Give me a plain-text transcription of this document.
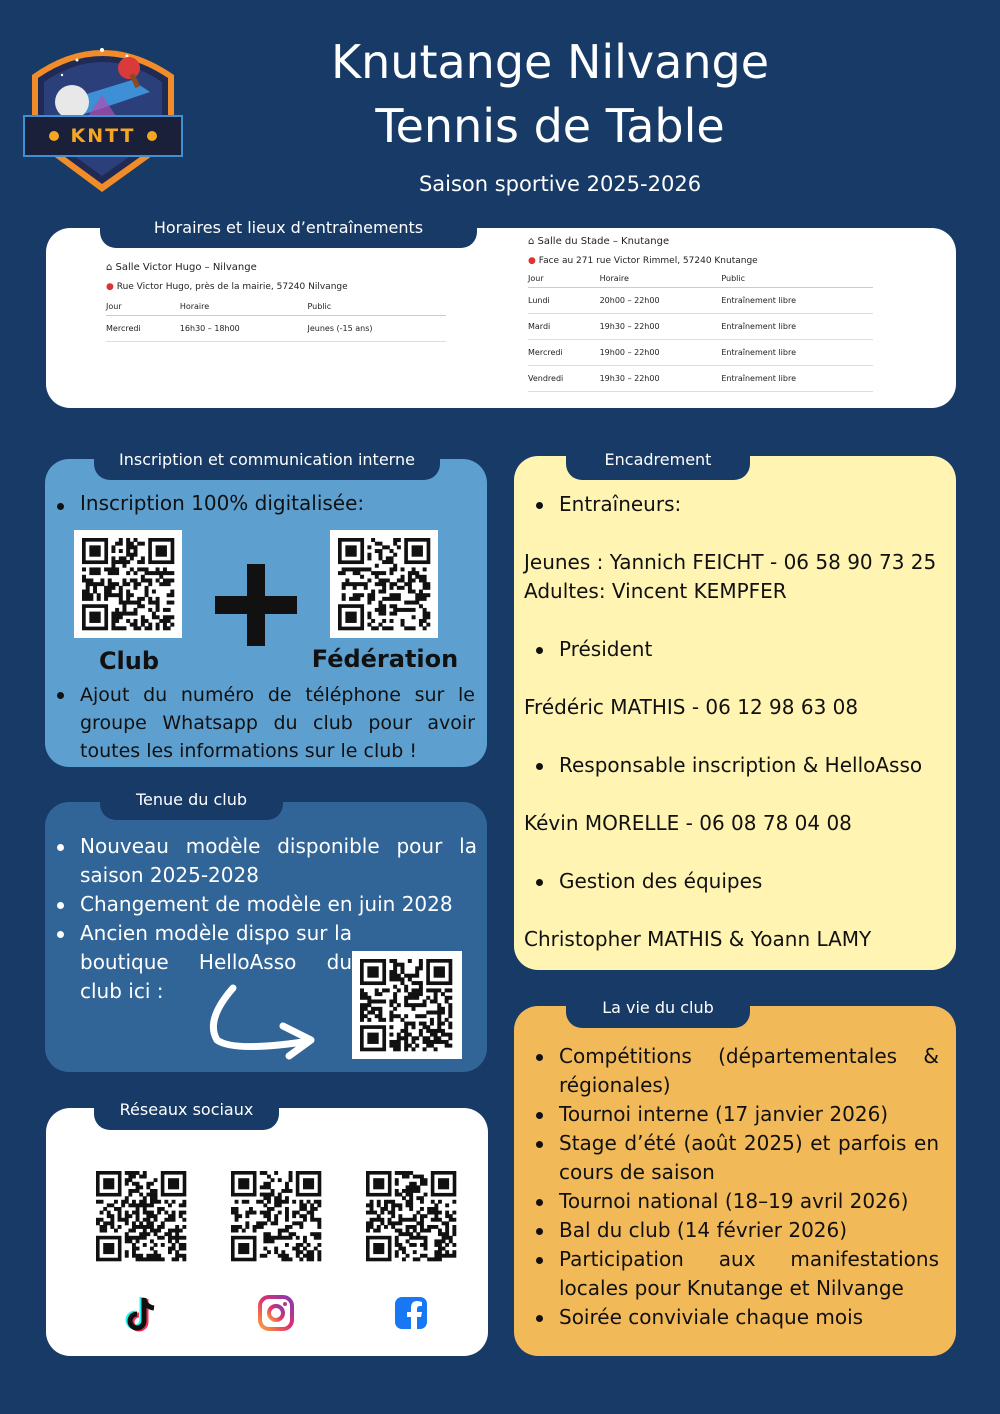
KNTT
Knutange Nilvange
Tennis de Table
Saison sportive 2025-2026
⌂ Salle Victor Hugo – Nilvange
● Rue Victor Hugo, près de la mairie, 57240 Nilvange
Jour	Horaire	Public
Mercredi	16h30 – 18h00	Jeunes (-15 ans)
⌂ Salle du Stade – Knutange
● Face au 271 rue Victor Rimmel, 57240 Knutange
Jour	Horaire	Public
Lundi	20h00 – 22h00	Entraînement libre
Mardi	19h30 – 22h00	Entraînement libre
Mercredi	19h00 – 22h00	Entraînement libre
Vendredi	19h30 – 22h00	Entraînement libre
Horaires et lieux d’entraînements
Inscription 100% digitalisée:
Club	Fédération
Ajout du numéro de téléphone sur le groupe Whatsapp du club pour avoir toutes les informations sur le club !
Inscription et communication interne
Nouveau modèle disponible pour la saison 2025-2028
Changement de modèle en juin 2028
Ancien modèle dispo sur la boutique HelloAsso du club ici :
Tenue du club
Réseaux sociaux
Entraîneurs:
Jeunes : Yannich FEICHT - 06 58 90 73 25
Adultes: Vincent KEMPFER
Président
Frédéric MATHIS - 06 12 98 63 08
Responsable inscription & HelloAsso
Kévin MORELLE - 06 08 78 04 08
Gestion des équipes
Christopher MATHIS & Yoann LAMY
Encadrement
Compétitions (départementales & régionales)
Tournoi interne (17 janvier 2026)
Stage d’été (août 2025) et parfois en cours de saison
Tournoi national (18–19 avril 2026)
Bal du club (14 février 2026)
Participation aux manifestations locales pour Knutange et Nilvange
Soirée conviviale chaque mois
La vie du club
